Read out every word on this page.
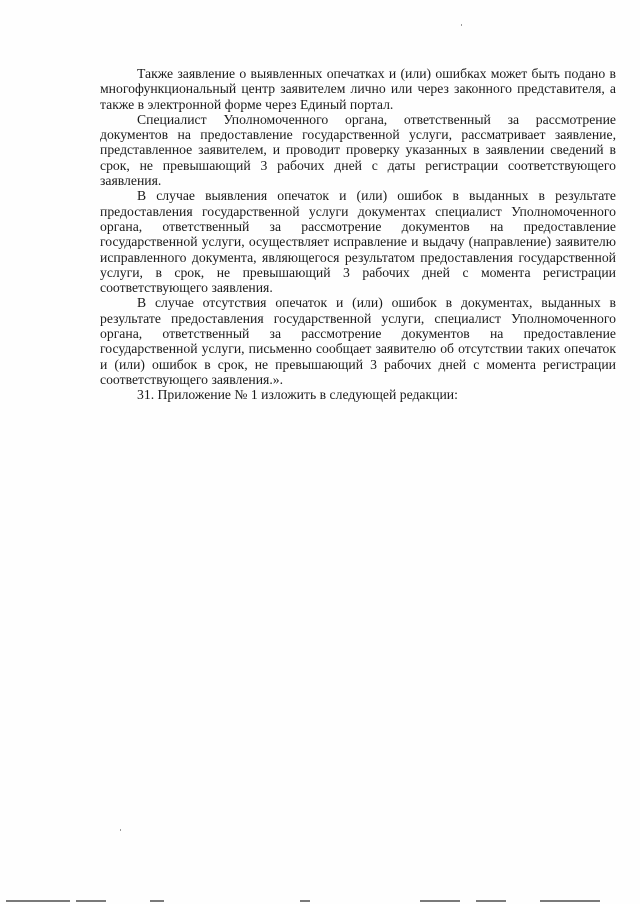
Также заявление о выявленных опечатках и (или) ошибках может быть подано в многофункциональный центр заявителем лично или через законного представителя, а также в электронной форме через Единый портал.

Специалист Уполномоченного органа, ответственный за рассмотрение документов на предоставление государственной услуги, рассматривает заявление, представленное заявителем, и проводит проверку указанных в заявлении сведений в срок, не превышающий 3 рабочих дней с даты регистрации соответствующего заявления.

В случае выявления опечаток и (или) ошибок в выданных в результате предоставления государственной услуги документах специалист Уполномоченного органа, ответственный за рассмотрение документов на предоставление государственной услуги, осуществляет исправление и выдачу (направление) заявителю исправленного документа, являющегося результатом предоставления государственной услуги, в срок, не превышающий 3 рабочих дней с момента регистрации соответствующего заявления.

В случае отсутствия опечаток и (или) ошибок в документах, выданных в результате предоставления государственной услуги, специалист Уполномоченного органа, ответственный за рассмотрение документов на предоставление государственной услуги, письменно сообщает заявителю об отсутствии таких опечаток и (или) ошибок в срок, не превышающий 3 рабочих дней с момента регистрации соответствующего заявления.».

31. Приложение № 1 изложить в следующей редакции:
